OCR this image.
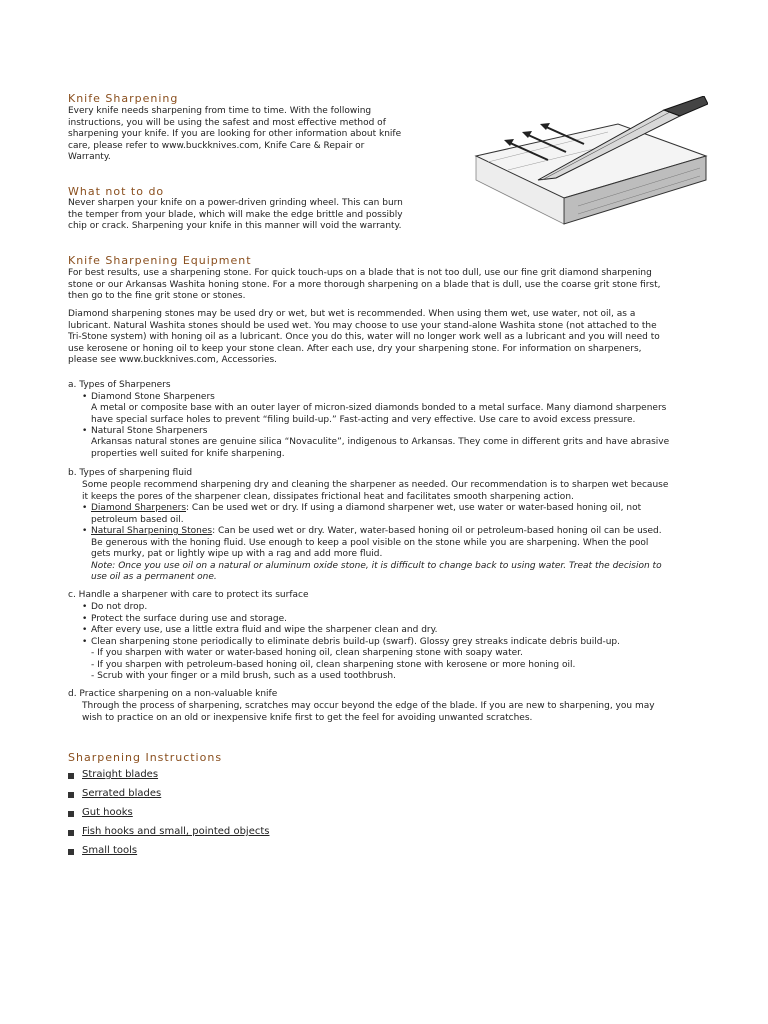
Knife Sharpening

Every knife needs sharpening from time to time. With the following
instructions, you will be using the safest and most effective method of
sharpening your knife. If you are looking for other information about knife
care, please refer to www.buckknives.com, Knife Care & Repair or
Warranty.

What not to do

Never sharpen your knife on a power-driven grinding wheel. This can burn
the temper from your blade, which will make the edge brittle and possibly
chip or crack. Sharpening your knife in this manner will void the warranty.

Knife Sharpening Equipment

For best results, use a sharpening stone. For quick touch-ups on a blade that is not too dull, use our fine grit diamond sharpening
stone or our Arkansas Washita honing stone. For a more thorough sharpening on a blade that is dull, use the coarse grit stone first,
then go to the fine grit stone or stones.

Diamond sharpening stones may be used dry or wet, but wet is recommended. When using them wet, use water, not oil, as a
lubricant. Natural Washita stones should be used wet. You may choose to use your stand-alone Washita stone (not attached to the
Tri-Stone system) with honing oil as a lubricant. Once you do this, water will no longer work well as a lubricant and you will need to
use kerosene or honing oil to keep your stone clean. After each use, dry your sharpening stone. For information on sharpeners,
please see www.buckknives.com, Accessories.

a. Types of Sharpeners

• Diamond Stone Sharpeners

A metal or composite base with an outer layer of micron-sized diamonds bonded to a metal surface. Many diamond sharpeners
have special surface holes to prevent “filing build-up.” Fast-acting and very effective. Use care to avoid excess pressure.

• Natural Stone Sharpeners

Arkansas natural stones are genuine silica “Novaculite”, indigenous to Arkansas. They come in different grits and have abrasive
properties well suited for knife sharpening.

b. Types of sharpening fluid

Some people recommend sharpening dry and cleaning the sharpener as needed. Our recommendation is to sharpen wet because
it keeps the pores of the sharpener clean, dissipates frictional heat and facilitates smooth sharpening action.

• Diamond Sharpeners: Can be used wet or dry. If using a diamond sharpener wet, use water or water-based honing oil, not
petroleum based oil.

• Natural Sharpening Stones: Can be used wet or dry. Water, water-based honing oil or petroleum-based honing oil can be used.
Be generous with the honing fluid. Use enough to keep a pool visible on the stone while you are sharpening. When the pool
gets murky, pat or lightly wipe up with a rag and add more fluid.
Note: Once you use oil on a natural or aluminum oxide stone, it is difficult to change back to using water. Treat the decision to
use oil as a permanent one.

c. Handle a sharpener with care to protect its surface

• Do not drop.
• Protect the surface during use and storage.
• After every use, use a little extra fluid and wipe the sharpener clean and dry.
• Clean sharpening stone periodically to eliminate debris build-up (swarf). Glossy grey streaks indicate debris build-up.
- If you sharpen with water or water-based honing oil, clean sharpening stone with soapy water.
- If you sharpen with petroleum-based honing oil, clean sharpening stone with kerosene or more honing oil.
- Scrub with your finger or a mild brush, such as a used toothbrush.

d. Practice sharpening on a non-valuable knife

Through the process of sharpening, scratches may occur beyond the edge of the blade. If you are new to sharpening, you may
wish to practice on an old or inexpensive knife first to get the feel for avoiding unwanted scratches.

Sharpening Instructions
Straight blades
Serrated blades
Gut hooks
Fish hooks and small, pointed objects
Small tools
